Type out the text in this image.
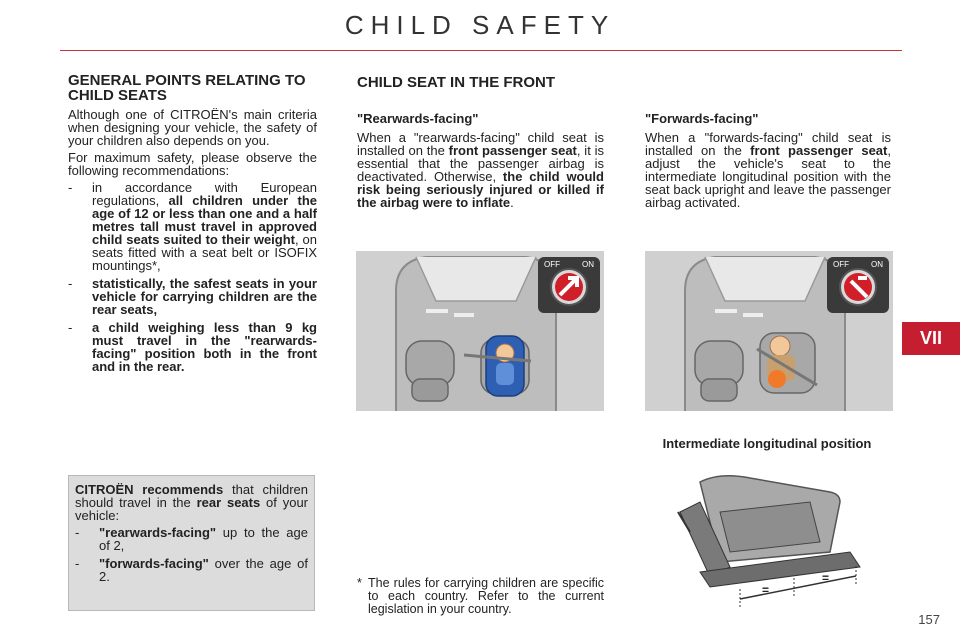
CHILD SAFETY
GENERAL POINTS RELATING TO CHILD SEATS

Although one of CITROËN's main criteria when designing your vehicle, the safety of your children also depends on you.

For maximum safety, please observe the following recommendations:

- in accordance with European regulations, all children under the age of 12 or less than one and a half metres tall must travel in approved child seats suited to their weight, on seats fitted with a seat belt or ISOFIX mountings*,
- statistically, the safest seats in your vehicle for carrying children are the rear seats,
- a child weighing less than 9 kg must travel in the "rearwards-facing" position both in the front and in the rear.

CITROËN recommends that children should travel in the rear seats of your vehicle:

- "rearwards-facing" up to the age of 2,
- "forwards-facing" over the age of 2.
CHILD SEAT IN THE FRONT
"Rearwards-facing"

When a "rearwards-facing" child seat is installed on the front passenger seat, it is essential that the passenger airbag is deactivated. Otherwise, the child would risk being seriously injured or killed if the airbag were to inflate.

"Forwards-facing"

When a "forwards-facing" child seat is installed on the front passenger seat, adjust the vehicle's seat to the intermediate longitudinal position with the seat back upright and leave the passenger airbag activated.

OFF	ON	OFF	ON
Intermediate longitudinal position
=
=
* The rules for carrying children are specific to each country. Refer to the current legislation in your country.
VII
157
